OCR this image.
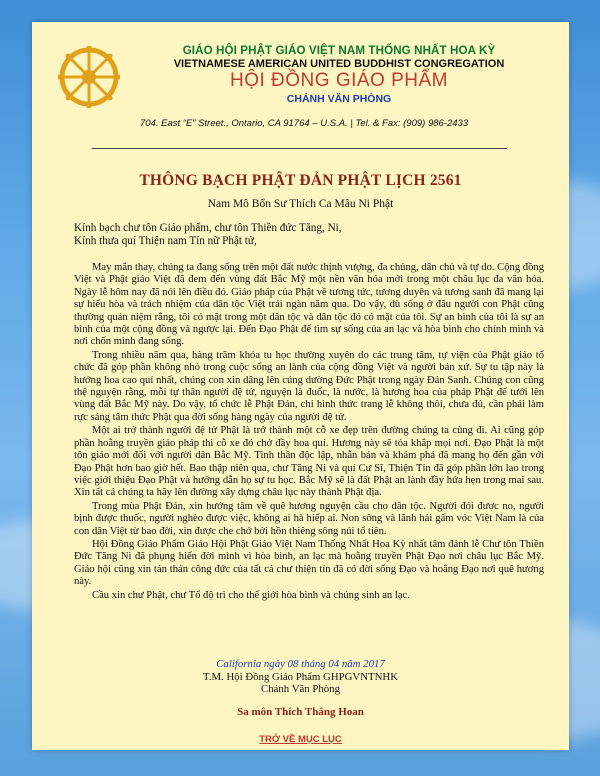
GIÁO HỘI PHẬT GIÁO VIỆT NAM THỐNG NHẤT HOA KỲ
VIETNAMESE AMERICAN UNITED BUDDHIST CONGREGATION
HỘI ĐỒNG GIÁO PHẨM
CHÁNH VĂN PHÒNG
704. East “E” Street., Ontario, CA 91764 – U.S.A. | Tel. & Fax: (909) 986-2433
THÔNG BẠCH PHẬT ĐẢN PHẬT LỊCH 2561
Nam Mô Bổn Sư Thích Ca Mâu Ni Phật
Kính bạch chư tôn Giáo phẩm, chư tôn Thiền đức Tăng, Ni,
Kính thưa quí Thiện nam Tín nữ Phật tử,

May mắn thay, chúng ta đang sống trên một đất nước thịnh vượng, đa chủng, dân chủ và tự do. Cộng đồng Việt và Phật giáo Việt đã đem đến vùng đất Bắc Mỹ một nền văn hóa mới trong một châu lục đa văn hóa. Ngày lễ hôm nay đã nói lên điều đó. Giáo pháp của Phật về tương tức, tương duyên và tương sanh đã mang lại sự hiểu hòa và trách nhiệm của dân tộc Việt trải ngàn năm qua. Do vậy, dù sống ở đâu người con Phật cũng thường quán niệm rằng, tôi có mặt trong một dân tộc và dân tộc đó có mặt của tôi. Sự an bình của tôi là sự an bình của một cộng đồng và ngược lại. Đến Đạo Phật để tìm sự sống của an lạc và hòa bình cho chính mình và nơi chốn mình đang sống.

Trong nhiều năm qua, hàng trăm khóa tu học thường xuyên do các trung tâm, tự viện của Phật giáo tổ chức đã góp phần không nhỏ trong cuộc sống an lành của cộng đồng Việt và người bản xứ. Sự tu tập này là hướng hoa cao quí nhất, chúng con xin dâng lên cúng dường Đức Phật trong ngày Đản Sanh. Chúng con cũng thệ nguyện rằng, mỗi tự thân người đệ tử, nguyện là đuốc, là nước, là hương hoa của pháp Phật để tưới lên vùng đất Bắc Mỹ này. Do vậy, tổ chức lễ Phật Đản, chỉ hình thức trang lễ không thôi, chưa đủ, cần phải làm rực sáng tâm thức Phật qua đời sống hàng ngày của người đệ tử.

Một ai trở thành người đệ tử Phật là trở thành một cỗ xe đẹp trên đường chúng ta cùng đi. Ai cũng góp phần hoằng truyền giáo pháp thì cỗ xe đó chở đầy hoa quí. Hương này sẽ tỏa khắp mọi nơi. Đạo Phật là một tôn giáo mới đối với người dân Bắc Mỹ. Tinh thần độc lập, nhẫn bản và khám phá đã mang họ đến gần với Đạo Phật hơn bao giờ hết. Bao thập niên qua, chư Tăng Ni và quí Cư Sĩ, Thiện Tín đã góp phần lớn lao trong việc giới thiệu Đạo Phật và hướng dẫn họ sự tu học. Bắc Mỹ sẽ là đất Phật an lành đầy hứa hẹn trong mai sau. Xin tất cả chúng ta hãy lên đường xây dựng châu lục này thành Phật địa.

Trong mùa Phật Đản, xin hướng tâm về quê hương nguyện cầu cho dân tộc. Người đói được no, người bịnh được thuốc, người nghèo được việc, không ai hà hiếp ai. Non sông và lãnh hải gấm vóc Việt Nam là của con dân Việt từ bao đời, xin được che chở bởi hồn thiêng sông núi tổ tiên.

Hội Đồng Giáo Phẩm Giáo Hội Phật Giáo Việt Nam Thống Nhất Hoa Kỳ nhất tâm đảnh lễ Chư tôn Thiền Đức Tăng Ni đã phụng hiến đời mình vì hòa bình, an lạc mà hoằng truyền Phật Đạo nơi châu lục Bắc Mỹ. Giáo hội cũng xin tán thán công đức của tất cả chư thiện tín đã có đời sống Đạo và hoằng Đạo nơi quê hương này.

Cầu xin chư Phật, chư Tổ độ trì cho thế giới hòa bình và chúng sinh an lạc.

California ngày 08 tháng 04 năm 2017
T.M. Hội Đồng Giáo Phẩm GHPGVNTNHK
Chánh Văn Phòng
Sa môn Thích Thắng Hoan
TRỞ VỀ MỤC LỤC
